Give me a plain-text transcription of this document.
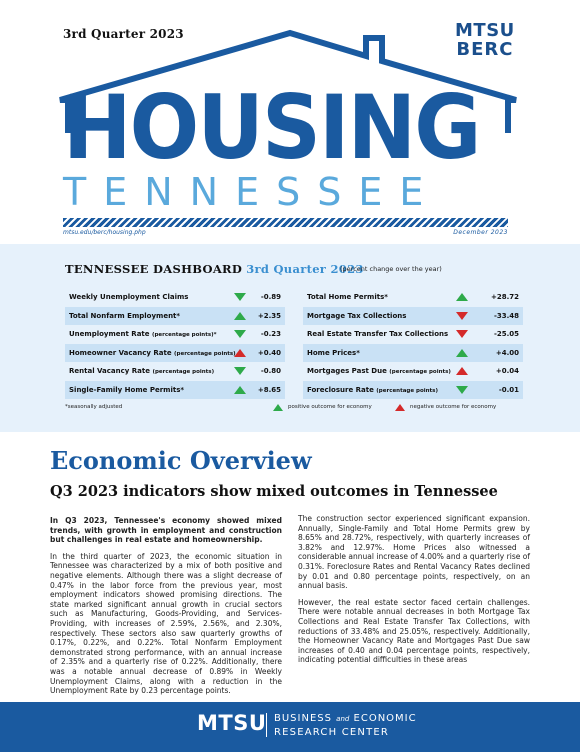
3rd Quarter 2023	MTSU
BERC
HOUSING
TENNESSEE
mtsu.edu/berc/housing.php	December 2023
TENNESSEE DASHBOARD 3rd Quarter 2023
(percent change over the year)
Weekly Unemployment Claims	-0.89
Total Nonfarm Employment*	+2.35
Unemployment Rate (percentage points)*	-0.23
Homeowner Vacancy Rate (percentage points)	+0.40
Rental Vacancy Rate (percentage points)	-0.80
Single-Family Home Permits*	+8.65
Total Home Permits*	+28.72
Mortgage Tax Collections	-33.48
Real Estate Transfer Tax Collections	-25.05
Home Prices*	+4.00
Mortgages Past Due (percentage points)	+0.04
Foreclosure Rate (percentage points)	-0.01
*seasonally adjusted	positive outcome for economy	negative outcome for economy
Economic Overview
Q3 2023 indicators show mixed outcomes in Tennessee

In Q3 2023, Tennessee's economy showed mixed trends, with growth in employment and construction but challenges in real estate and homeownership.

In the third quarter of 2023, the economic situation in Tennessee was characterized by a mix of both positive and negative elements. Although there was a slight decrease of 0.47% in the labor force from the previous year, most employment indicators showed promising directions. The state marked significant annual growth in crucial sectors such as Manufacturing, Goods-Providing, and Services-Providing, with increases of 2.59%, 2.56%, and 2.30%, respectively. These sectors also saw quarterly growths of 0.17%, 0.22%, and 0.22%. Total Nonfarm Employment demonstrated strong performance, with an annual increase of 2.35% and a quarterly rise of 0.22%. Additionally, there was a notable annual decrease of 0.89% in Weekly Unemployment Claims, along with a reduction in the Unemployment Rate by 0.23 percentage points.

The construction sector experienced significant expansion. Annually, Single-Family and Total Home Permits grew by 8.65% and 28.72%, respectively, with quarterly increases of 3.82% and 12.97%. Home Prices also witnessed a considerable annual increase of 4.00% and a quarterly rise of 0.31%. Foreclosure Rates and Rental Vacancy Rates declined by 0.01 and 0.80 percentage points, respectively, on an annual basis.

However, the real estate sector faced certain challenges. There were notable annual decreases in both Mortgage Tax Collections and Real Estate Transfer Tax Collections, with reductions of 33.48% and 25.05%, respectively. Additionally, the Homeowner Vacancy Rate and Mortgages Past Due saw increases of 0.40 and 0.04 percentage points, respectively, indicating potential difficulties in these areas

MTSU BUSINESS and ECONOMIC
RESEARCH CENTER
